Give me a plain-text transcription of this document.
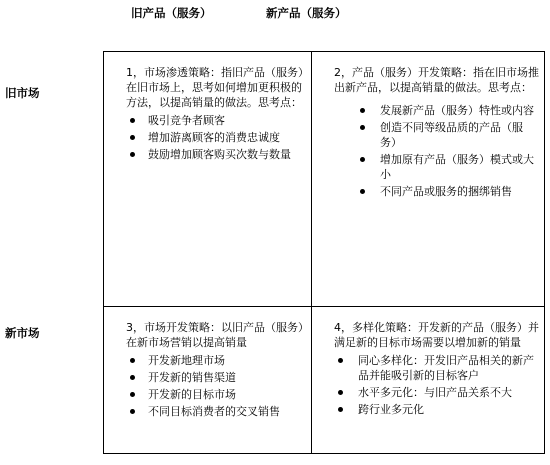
旧产品（服务）	新产品（服务）
旧市场
新市场

1，市场渗透策略：指旧产品（服务）在旧市场上，思考如何增加更积极的方法，以提高销量的做法。思考点：

吸引竞争者顾客
增加游离顾客的消费忠诚度
鼓励增加顾客购买次数与数量

2，产品（服务）开发策略：指在旧市场推出新产品，以提高销量的做法。思考点：

发展新产品（服务）特性或内容
创造不同等级品质的产品（服务）
增加原有产品（服务）模式或大小
不同产品或服务的捆绑销售

3，市场开发策略：以旧产品（服务）在新市场营销以提高销量

开发新地理市场
开发新的销售渠道
开发新的目标市场
不同目标消费者的交叉销售

4，多样化策略：开发新的产品（服务）并满足新的目标市场需要以增加新的销量

同心多样化：开发旧产品相关的新产品并能吸引新的目标客户
水平多元化：与旧产品关系不大
跨行业多元化
